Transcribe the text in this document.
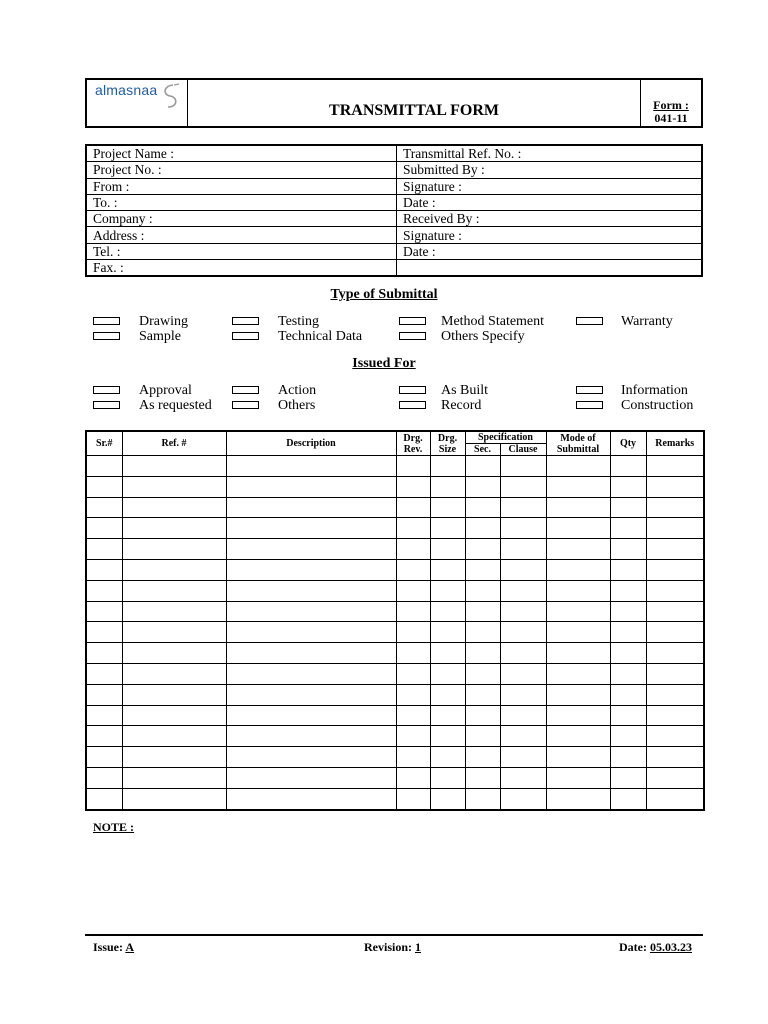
almasnaa
TRANSMITTAL FORM	Form :
041-11
Project Name :	Transmittal Ref. No. :
Project No. :	Submitted By :
From :	Signature :
To. :	Date :
Company :	Received By :
Address :	Signature :
Tel. :	Date :
Fax. :	
Type of Submittal
Drawing	Testing	Method Statement	Warranty
Sample	Technical Data	Others Specify
Issued For
Approval	Action	As Built	Information
As requested	Others	Record	Construction
Sr.#	Ref. #	Description	Drg. Rev.	Drg. Size	Specification		Mode of Submittal	Qty	Remarks
					Sec.	Clause			

NOTE :
Issue: A	Revision: 1	Date: 05.03.23
